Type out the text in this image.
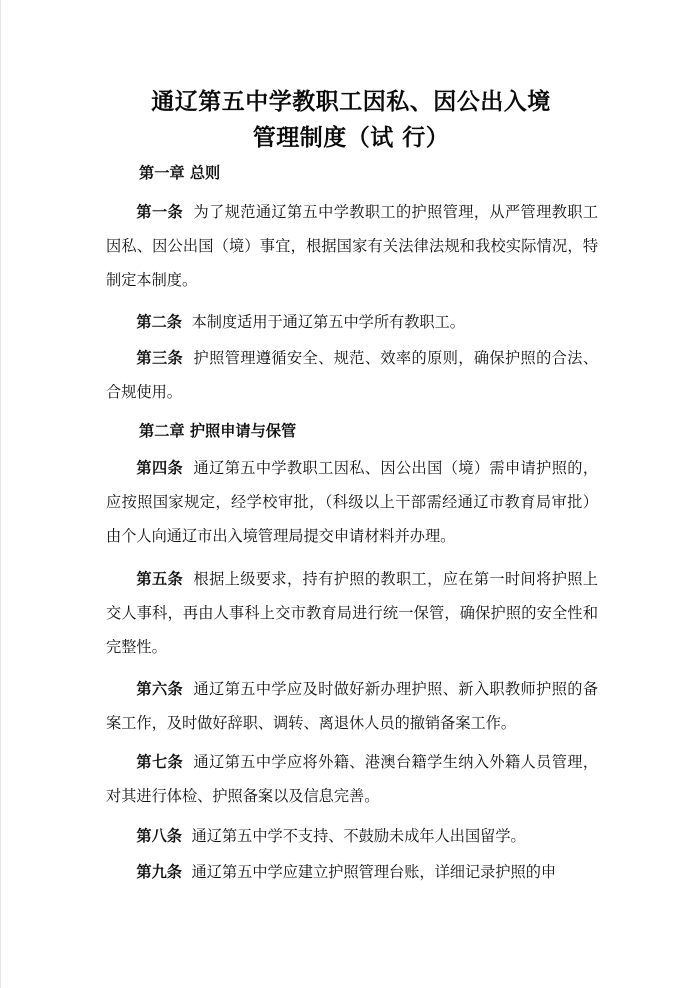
通辽第五中学教职工因私、因公出入境
管理制度（试 行）

第一章 总则

第一条 为了规范通辽第五中学教职工的护照管理，从严管理教职工因私、因公出国（境）事宜，根据国家有关法律法规和我校实际情况，特制定本制度。

第二条 本制度适用于通辽第五中学所有教职工。

第三条 护照管理遵循安全、规范、效率的原则，确保护照的合法、合规使用。

第二章 护照申请与保管

第四条 通辽第五中学教职工因私、因公出国（境）需申请护照的，应按照国家规定，经学校审批，（科级以上干部需经通辽市教育局审批）由个人向通辽市出入境管理局提交申请材料并办理。

第五条 根据上级要求，持有护照的教职工，应在第一时间将护照上交人事科，再由人事科上交市教育局进行统一保管，确保护照的安全性和完整性。

第六条 通辽第五中学应及时做好新办理护照、新入职教师护照的备案工作，及时做好辞职、调转、离退休人员的撤销备案工作。

第七条 通辽第五中学应将外籍、港澳台籍学生纳入外籍人员管理，对其进行体检、护照备案以及信息完善。

第八条 通辽第五中学不支持、不鼓励未成年人出国留学。

第九条 通辽第五中学应建立护照管理台账，详细记录护照的申
